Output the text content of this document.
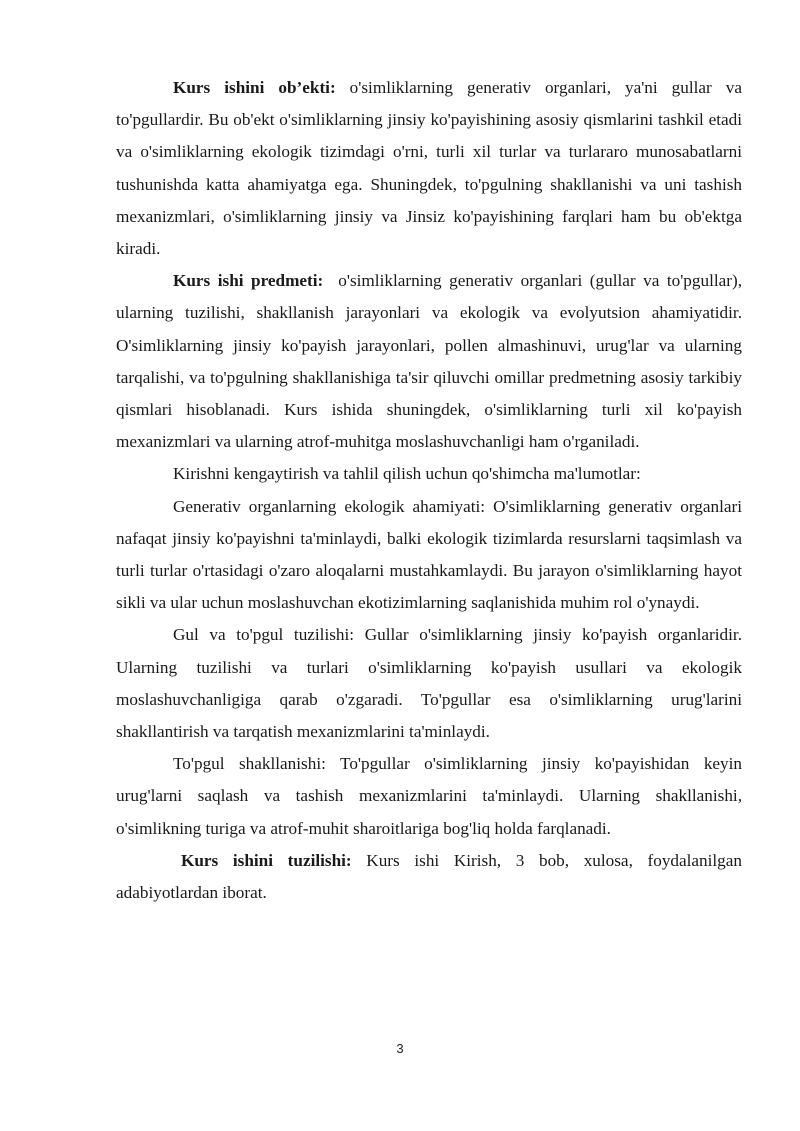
Kurs ishini ob’ekti: o'simliklarning generativ organlari, ya'ni gullar va to'pgullardir. Bu ob'ekt o'simliklarning jinsiy ko'payishining asosiy qismlarini tashkil etadi va o'simliklarning ekologik tizimdagi o'rni, turli xil turlar va turlararo munosabatlarni tushunishda katta ahamiyatga ega. Shuningdek, to'pgulning shakllanishi va uni tashish mexanizmlari, o'simliklarning jinsiy va Jinsiz ko'payishining farqlari ham bu ob'ektga kiradi.

Kurs ishi predmeti:  o'simliklarning generativ organlari (gullar va to'pgullar), ularning tuzilishi, shakllanish jarayonlari va ekologik va evolyutsion ahamiyatidir. O'simliklarning jinsiy ko'payish jarayonlari, pollen almashinuvi, urug'lar va ularning tarqalishi, va to'pgulning shakllanishiga ta'sir qiluvchi omillar predmetning asosiy tarkibiy qismlari hisoblanadi. Kurs ishida shuningdek, o'simliklarning turli xil ko'payish mexanizmlari va ularning atrof-muhitga moslashuvchanligi ham o'rganiladi.

Kirishni kengaytirish va tahlil qilish uchun qo'shimcha ma'lumotlar:

Generativ organlarning ekologik ahamiyati: O'simliklarning generativ organlari nafaqat jinsiy ko'payishni ta'minlaydi, balki ekologik tizimlarda resurslarni taqsimlash va turli turlar o'rtasidagi o'zaro aloqalarni mustahkamlaydi. Bu jarayon o'simliklarning hayot sikli va ular uchun moslashuvchan ekotizimlarning saqlanishida muhim rol o'ynaydi.

Gul va to'pgul tuzilishi: Gullar o'simliklarning jinsiy ko'payish organlaridir. Ularning tuzilishi va turlari o'simliklarning ko'payish usullari va ekologik moslashuvchanligiga qarab o'zgaradi. To'pgullar esa o'simliklarning urug'larini shakllantirish va tarqatish mexanizmlarini ta'minlaydi.

To'pgul shakllanishi: To'pgullar o'simliklarning jinsiy ko'payishidan keyin urug'larni saqlash va tashish mexanizmlarini ta'minlaydi. Ularning shakllanishi, o'simlikning turiga va atrof-muhit sharoitlariga bog'liq holda farqlanadi.

Kurs ishini tuzilishi: Kurs ishi Kirish, 3 bob, xulosa, foydalanilgan adabiyotlardan iborat.

3
